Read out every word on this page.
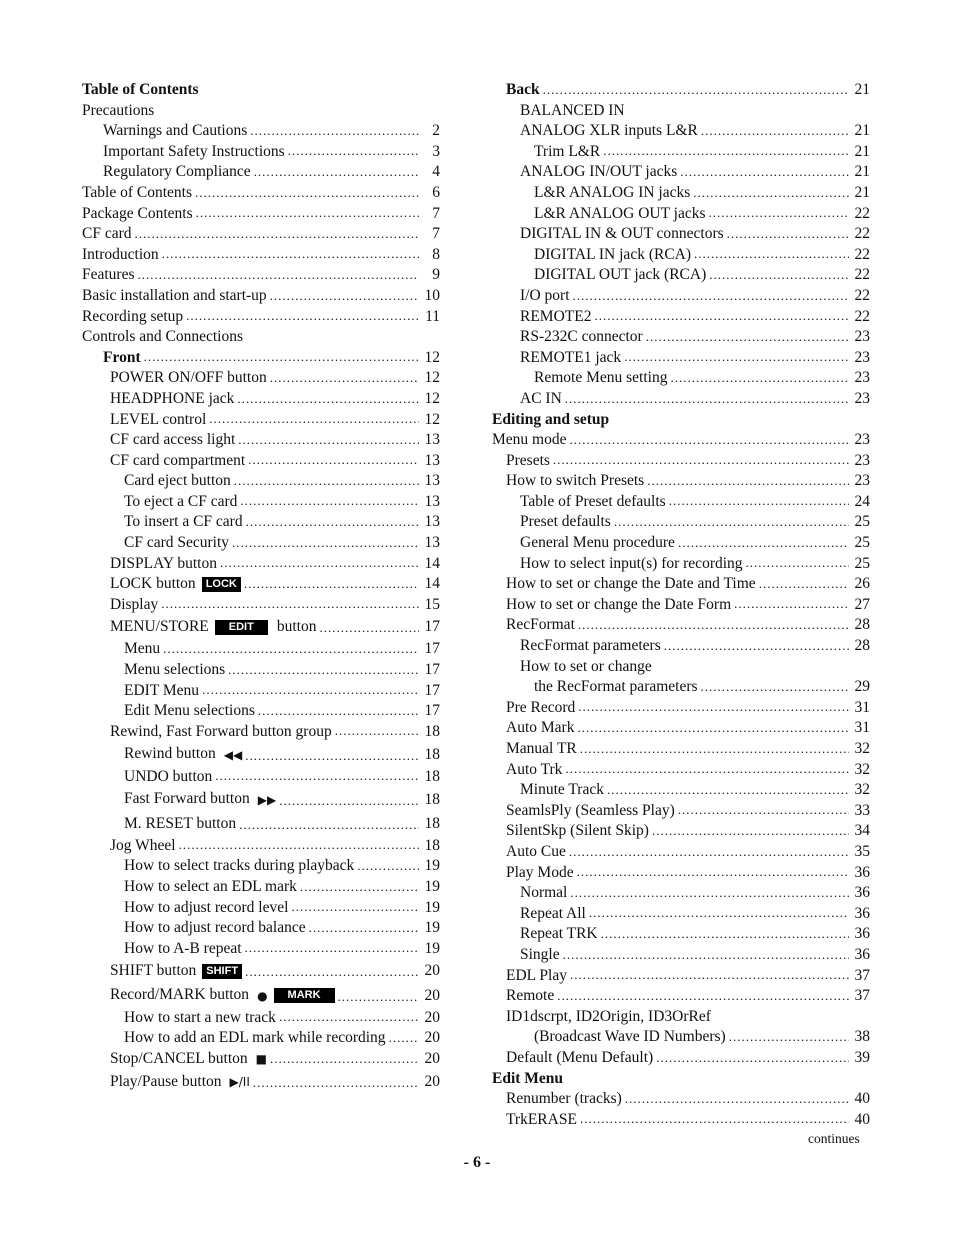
Table of Contents
Precautions
Warnings and Cautions .....	2
Important Safety Instructions .....	3
Regulatory Compliance .....	4
Table of Contents .....	6
Package Contents .....	7
CF card .....	7
Introduction .....	8
Features .....	9
Basic installation and start-up .....	10
Recording setup .....	11
Controls and Connections
Front .....	12
POWER ON/OFF button .....	12
HEADPHONE jack .....	12
LEVEL control .....	12
CF card access light .....	13
CF card compartment .....	13
Card eject button .....	13
To eject a CF card .....	13
To insert a CF card .....	13
CF card Security .....	13
DISPLAY button .....	14
LOCK button LOCK .....	14
Display .....	15
MENU/STORE EDIT button .....	17
Menu .....	17
Menu selections .....	17
EDIT Menu .....	17
Edit Menu selections .....	17
Rewind, Fast Forward button group .....	18
Rewind button ◀◀ .....	18
UNDO button .....	18
Fast Forward button ▶▶ .....	18
M. RESET button .....	18
Jog Wheel .....	18
How to select tracks during playback .....	19
How to select an EDL mark .....	19
How to adjust record level .....	19
How to adjust record balance .....	19
How to A-B repeat .....	19
SHIFT button SHIFT .....	20
Record/MARK button ● MARK .....	20
How to start a new track .....	20
How to add an EDL mark while recording .....	20
Stop/CANCEL button ■ .....	20
Play/Pause button ▶/II .....	20
Back .....	21
BALANCED IN
ANALOG XLR inputs L&R .....	21
Trim L&R .....	21
ANALOG IN/OUT jacks .....	21
L&R ANALOG IN jacks .....	21
L&R ANALOG OUT jacks .....	22
DIGITAL IN & OUT connectors .....	22
DIGITAL IN jack (RCA) .....	22
DIGITAL OUT jack (RCA) .....	22
I/O port .....	22
REMOTE2 .....	22
RS-232C connector .....	23
REMOTE1 jack .....	23
Remote Menu setting .....	23
AC IN .....	23
Editing and setup
Menu mode .....	23
Presets .....	23
How to switch Presets .....	23
Table of Preset defaults .....	24
Preset defaults .....	25
General Menu procedure .....	25
How to select input(s) for recording .....	25
How to set or change the Date and Time .....	26
How to set or change the Date Form .....	27
RecFormat .....	28
RecFormat parameters .....	28
How to set or change
the RecFormat parameters .....	29
Pre Record .....	31
Auto Mark .....	31
Manual TR .....	32
Auto Trk .....	32
Minute Track .....	32
SeamlsPly (Seamless Play) .....	33
SilentSkp (Silent Skip) .....	34
Auto Cue .....	35
Play Mode .....	36
Normal .....	36
Repeat All .....	36
Repeat TRK .....	36
Single .....	36
EDL Play .....	37
Remote .....	37
ID1dscrpt, ID2Origin, ID3OrRef
(Broadcast Wave ID Numbers) .....	38
Default (Menu Default) .....	39
Edit Menu
Renumber (tracks) .....	40
TrkERASE .....	40
continues
- 6 -
